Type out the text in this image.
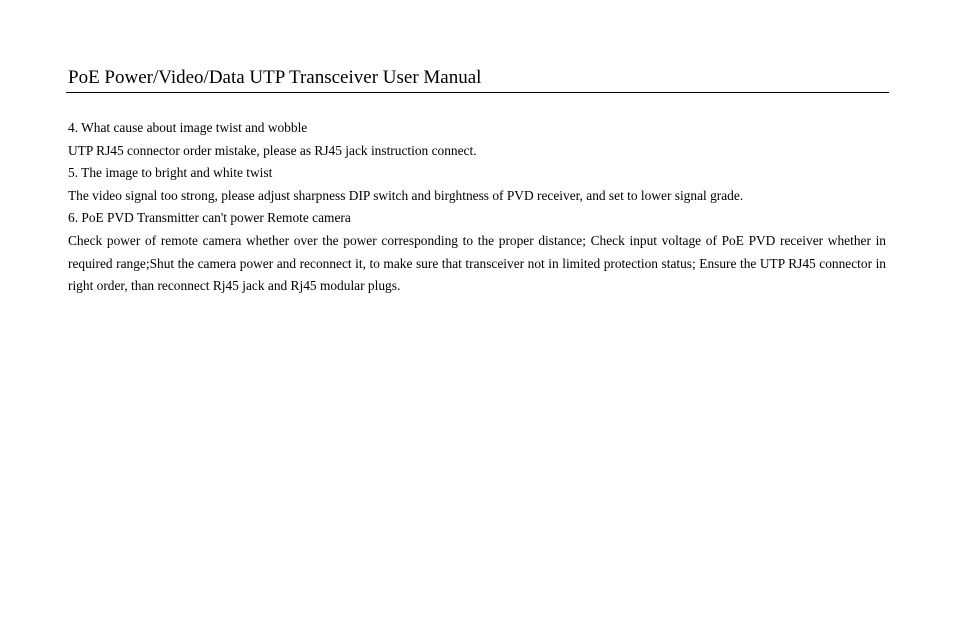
PoE Power/Video/Data UTP Transceiver User Manual

4. What cause about image twist and wobble

UTP RJ45 connector order mistake, please as RJ45 jack instruction connect.

5. The image to bright and white twist

The video signal too strong, please adjust sharpness DIP switch and birghtness of PVD receiver, and set to lower signal grade.

6. PoE PVD Transmitter can't power Remote camera

Check power of remote camera whether over the power corresponding to the proper distance; Check input voltage of PoE PVD receiver whether in required range;Shut the camera power and reconnect it, to make sure that transceiver not in limited protection status; Ensure the UTP RJ45 connector in right order, than reconnect Rj45 jack and Rj45 modular plugs.
